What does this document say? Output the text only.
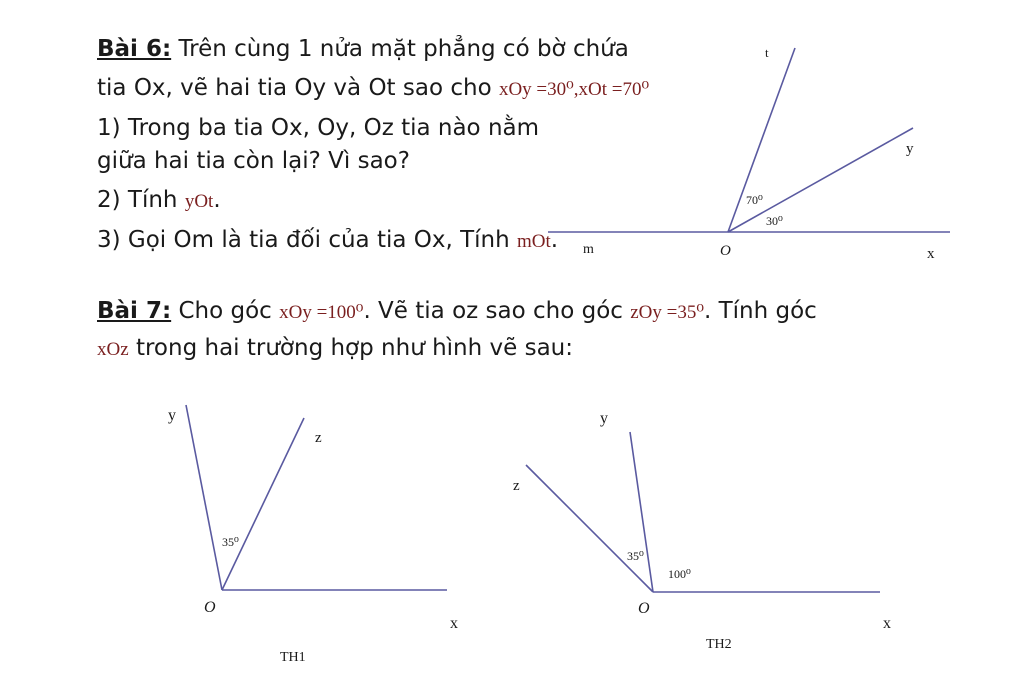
Bài 6: Trên cùng 1 nửa mặt phẳng có bờ chứa
tia Ox, vẽ hai tia Oy và Ot sao cho xOy =30⁰,xOt =70⁰
1) Trong ba tia Ox, Oy, Oz tia nào nằm
giữa hai tia còn lại? Vì sao?
2) Tính yOt.
3) Gọi Om là tia đối của tia Ox, Tính mOt.
Bài 7: Cho góc xOy =100⁰. Vẽ tia oz sao cho góc zOy =35⁰. Tính góc
xOz trong hai trường hợp như hình vẽ sau:
t
y
x
O
m
70⁰
30⁰
y
z
O
x
35⁰
TH1
y
z
O
x
35⁰
100⁰
TH2
